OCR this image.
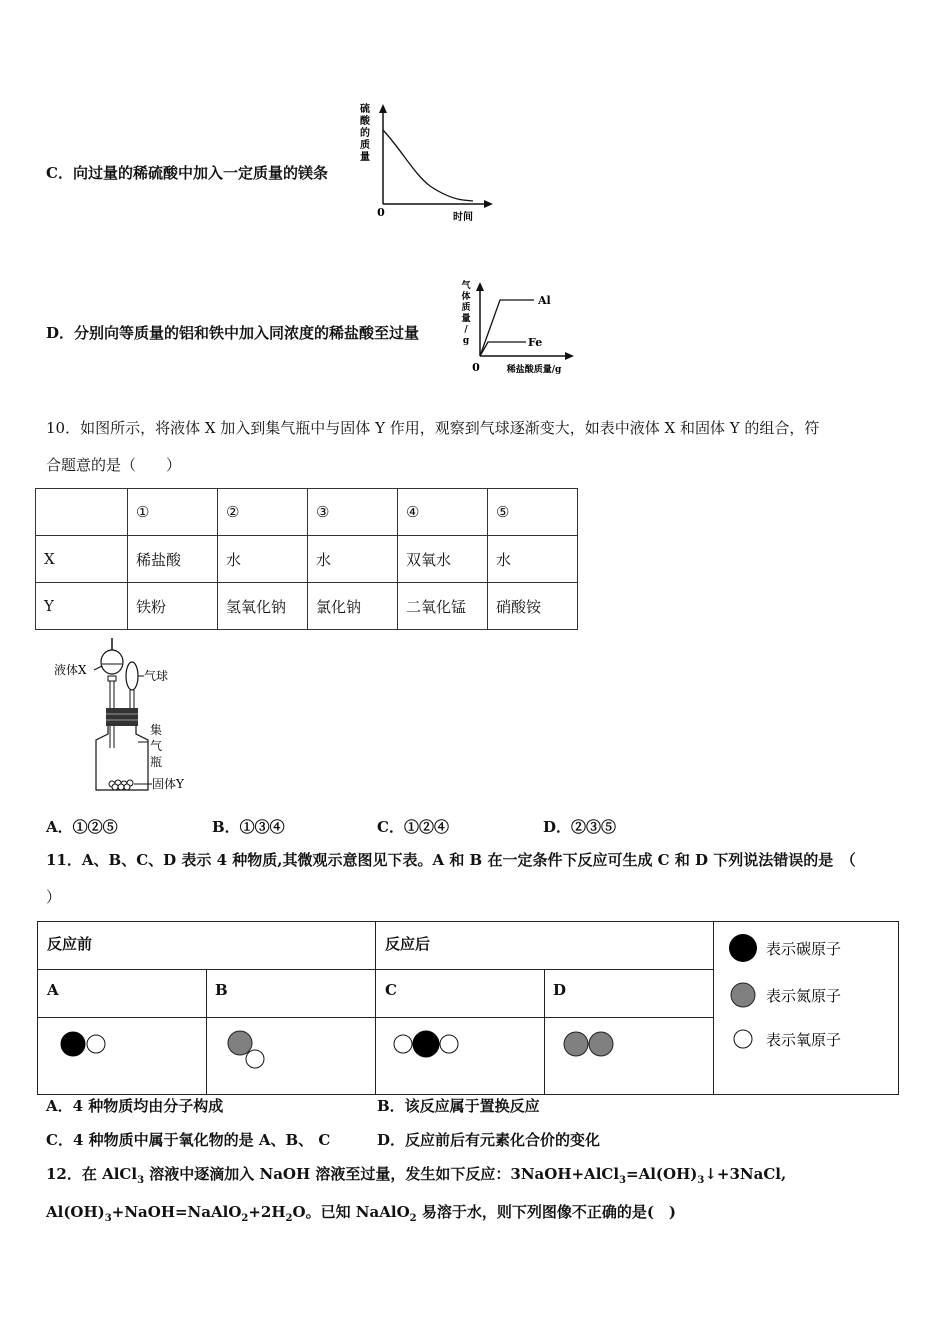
C．向过量的稀硫酸中加入一定质量的镁条
硫
酸
的
质
量
0	时间
D．分别向等质量的铝和铁中加入同浓度的稀盐酸至过量
气
体
质
量
/
g
Al
Fe
0	稀盐酸质量/g
10．如图所示，将液体 X 加入到集气瓶中与固体 Y 作用，观察到气球逐渐变大，如表中液体 X 和固体 Y 的组合，符
合题意的是（　　）
	①	②	③	④	⑤
X	稀盐酸	水	水	双氧水	水
Y	铁粉	氢氧化钠	氯化钠	二氧化锰	硝酸铵
液体X	气球
集
气
瓶
固体Y
A．①②⑤	B．①③④	C．①②④	D．②③⑤
11．A、B、C、D 表示 4 种物质,其微观示意图见下表。A 和 B 在一定条件下反应可生成 C 和 D 下列说法错误的是　（
）
反应前	反应后
A	B	C	D
表示碳原子
表示氮原子
表示氧原子
A．4 种物质均由分子构成	B．该反应属于置换反应
C．4 种物质中属于氧化物的是 A、B、 C	D．反应前后有元素化合价的变化
12．在 AlCl$_3$ 溶液中逐滴加入 NaOH 溶液至过量，发生如下反应：$3NaOH+AlCl_3=Al(OH)_3↓+3NaCl$,
$Al(OH)_3+NaOH=NaAlO_2+2H_2O$。已知 NaAlO$_2$ 易溶于水，则下列图像不正确的是(　)
